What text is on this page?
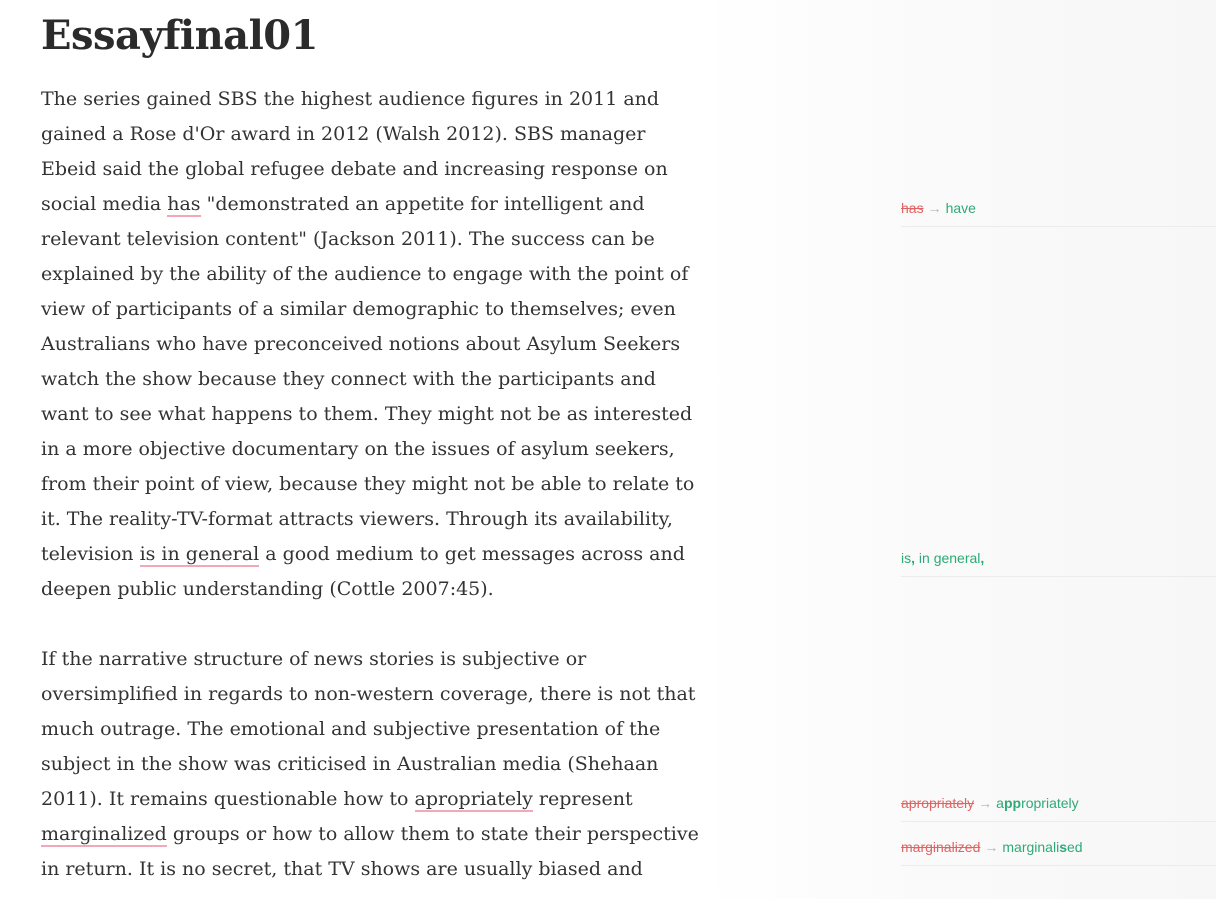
Essayfinal01

The series gained SBS the highest audience figures in 2011 and gained a Rose d'Or award in 2012 (Walsh 2012). SBS manager Ebeid said the global refugee debate and increasing response on social media has "demonstrated an appetite for intelligent and relevant television content" (Jackson 2011). The success can be explained by the ability of the audience to engage with the point of view of participants of a similar demographic to themselves; even Australians who have preconceived notions about Asylum Seekers watch the show because they connect with the participants and want to see what happens to them. They might not be as interested in a more objective documentary on the issues of asylum seekers, from their point of view, because they might not be able to relate to it. The reality-TV-format attracts viewers. Through its availability, television is in general a good medium to get messages across and deepen public understanding (Cottle 2007:45).

If the narrative structure of news stories is subjective or oversimplified in regards to non-western coverage, there is not that much outrage. The emotional and subjective presentation of the subject in the show was criticised in Australian media (Shehaan 2011). It remains questionable how to apropriately represent marginalized groups or how to allow them to state their perspective in return. It is no secret, that TV shows are usually biased and

has → have
is, in general,
apropriately → appropriately
marginalized → marginalised
